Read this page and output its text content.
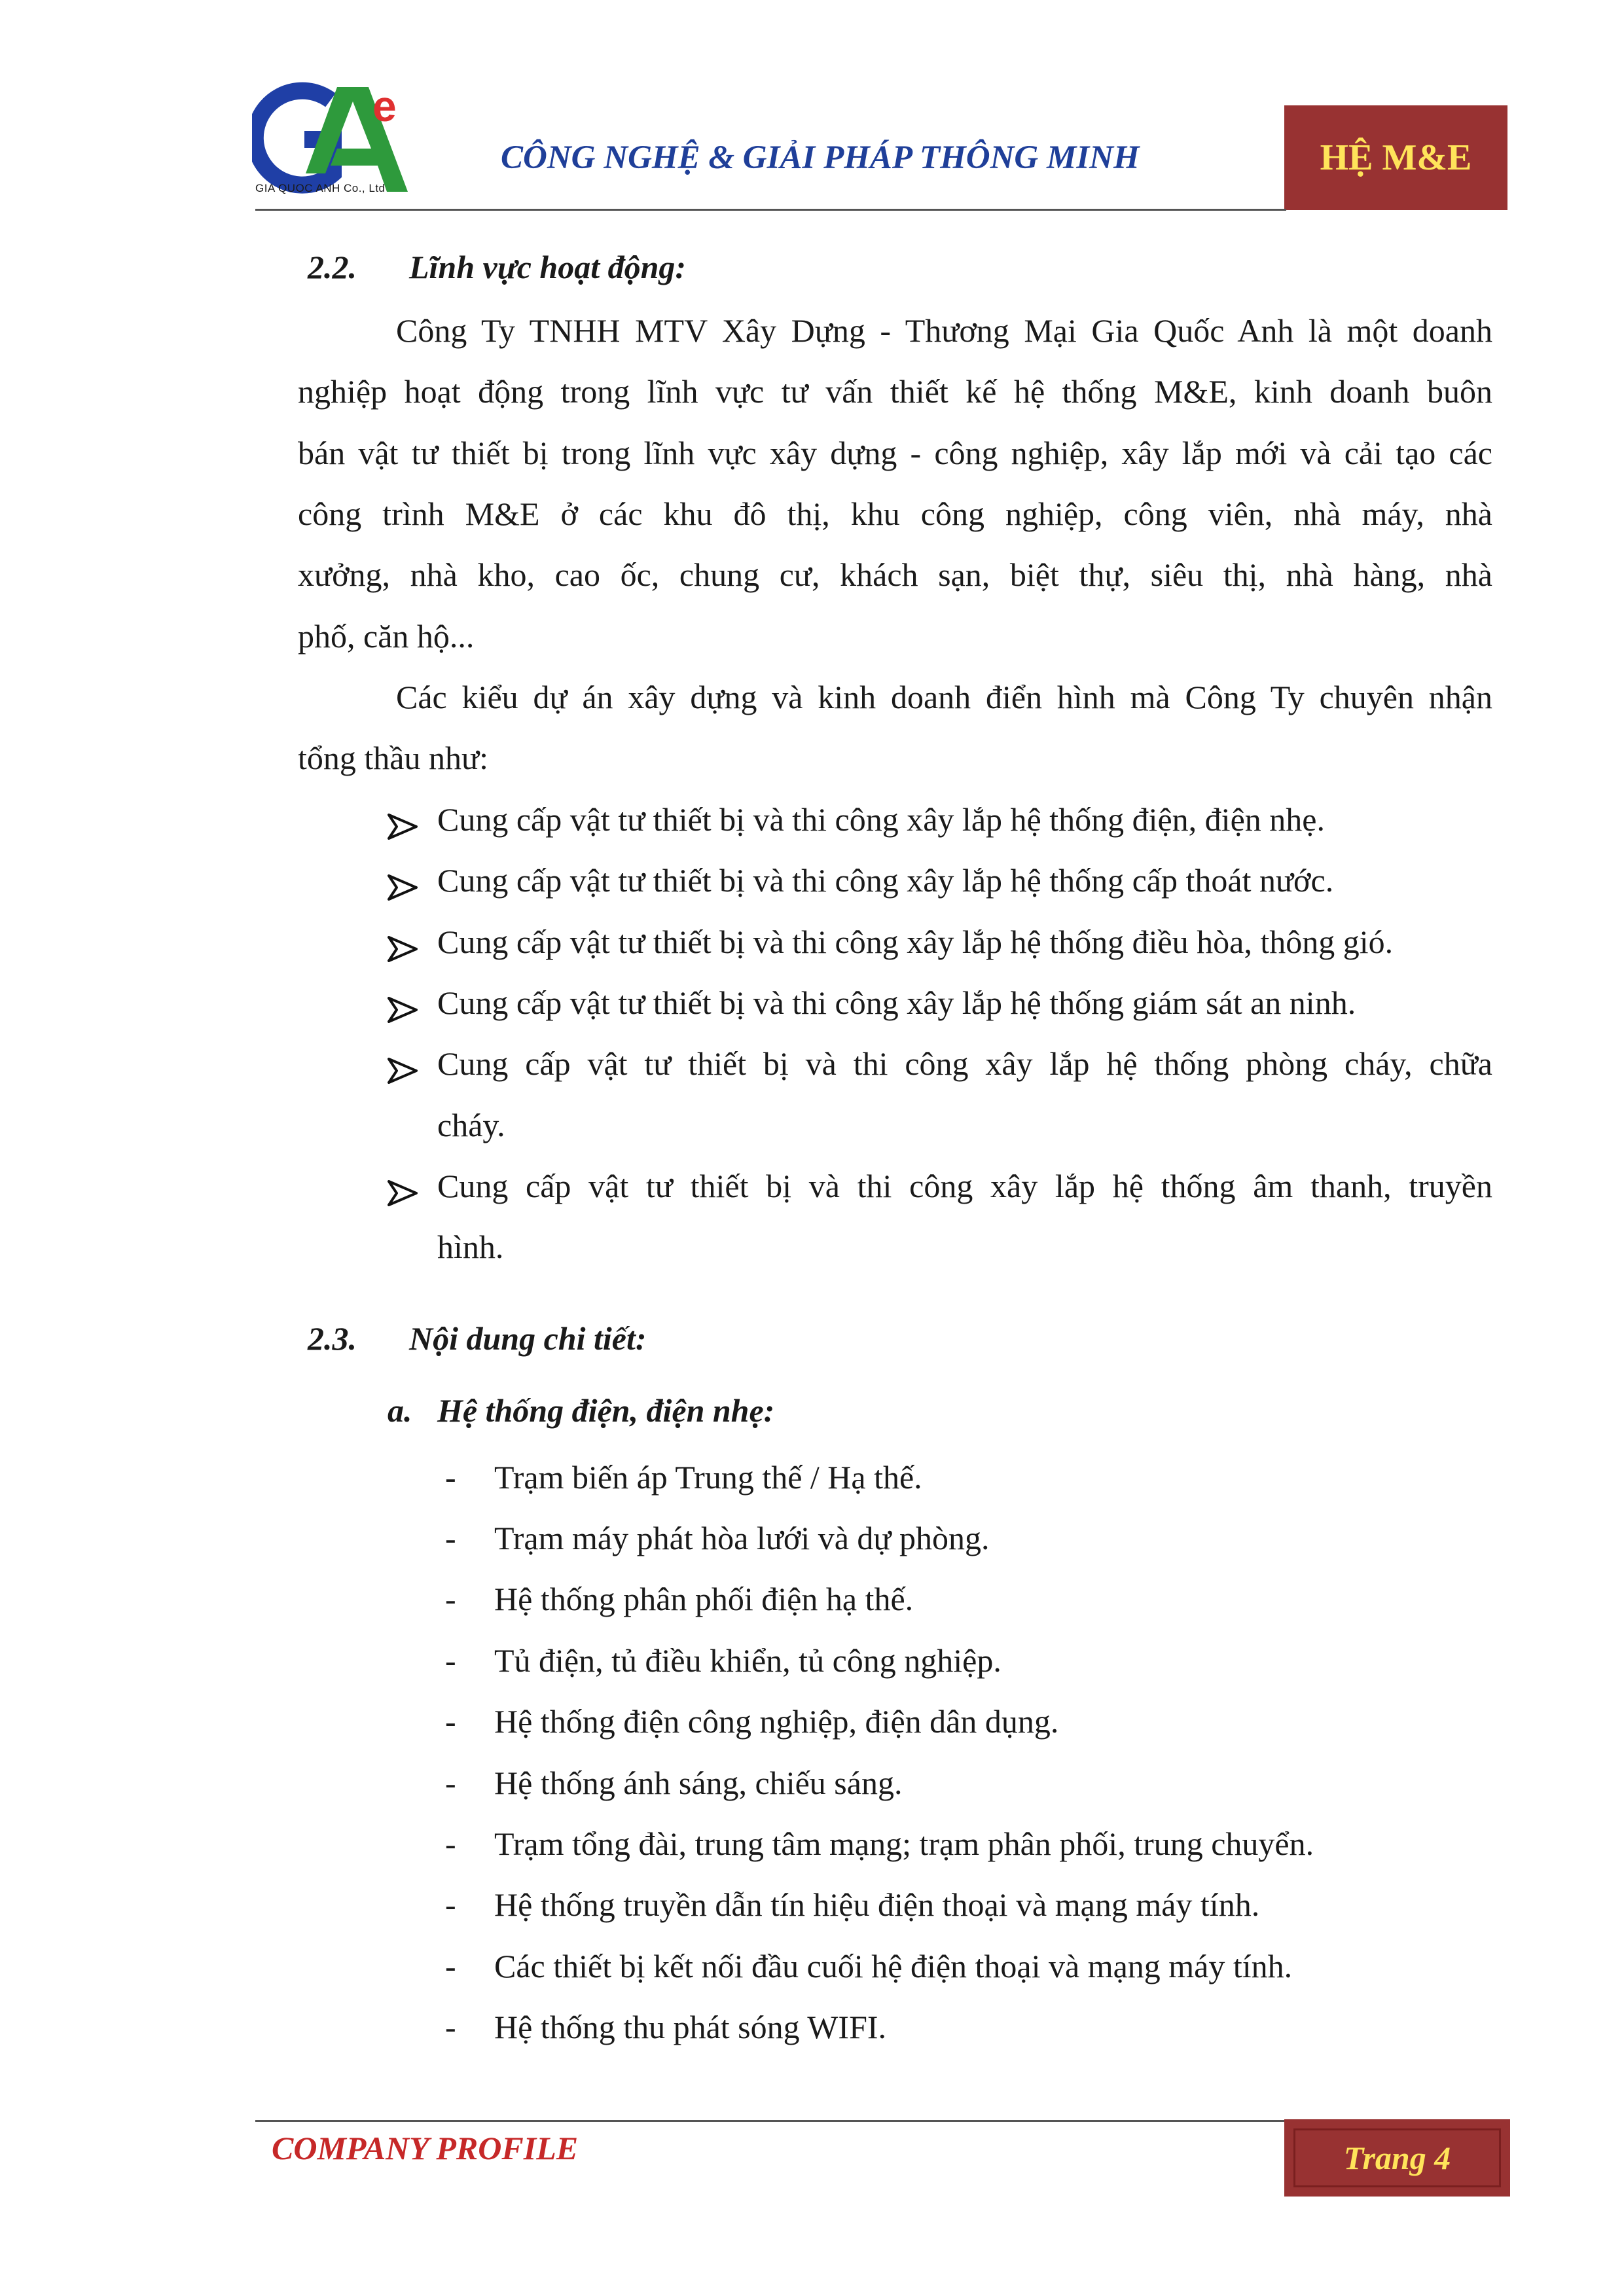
e
GIA QUOC ANH Co., Ltd
CÔNG NGHỆ & GIẢI PHÁP THÔNG MINH	HỆ M&E
2.2. Lĩnh vực hoạt động:
Công Ty TNHH MTV Xây Dựng - Thương Mại Gia Quốc Anh là một doanh
nghiệp hoạt động trong lĩnh vực tư vấn thiết kế hệ thống M&E, kinh doanh buôn
bán vật tư thiết bị trong lĩnh vực xây dựng - công nghiệp, xây lắp mới và cải tạo các
công trình M&E ở các khu đô thị, khu công nghiệp, công viên, nhà máy, nhà
xưởng, nhà kho, cao ốc, chung cư, khách sạn, biệt thự, siêu thị, nhà hàng, nhà
phố, căn hộ...
Các kiểu dự án xây dựng và kinh doanh điển hình mà Công Ty chuyên nhận
tổng thầu như:
Cung cấp vật tư thiết bị và thi công xây lắp hệ thống điện, điện nhẹ.
Cung cấp vật tư thiết bị và thi công xây lắp hệ thống cấp thoát nước.
Cung cấp vật tư thiết bị và thi công xây lắp hệ thống điều hòa, thông gió.
Cung cấp vật tư thiết bị và thi công xây lắp hệ thống giám sát an ninh.
Cung cấp vật tư thiết bị và thi công xây lắp hệ thống phòng cháy, chữa
cháy.
Cung cấp vật tư thiết bị và thi công xây lắp hệ thống âm thanh, truyền
hình.
2.3. Nội dung chi tiết:
a. Hệ thống điện, điện nhẹ:
- Trạm biến áp Trung thế / Hạ thế.
- Trạm máy phát hòa lưới và dự phòng.
- Hệ thống phân phối điện hạ thế.
- Tủ điện, tủ điều khiển, tủ công nghiệp.
- Hệ thống điện công nghiệp, điện dân dụng.
- Hệ thống ánh sáng, chiếu sáng.
- Trạm tổng đài, trung tâm mạng; trạm phân phối, trung chuyển.
- Hệ thống truyền dẫn tín hiệu điện thoại và mạng máy tính.
- Các thiết bị kết nối đầu cuối hệ điện thoại và mạng máy tính.
- Hệ thống thu phát sóng WIFI.
COMPANY PROFILE	Trang 4
